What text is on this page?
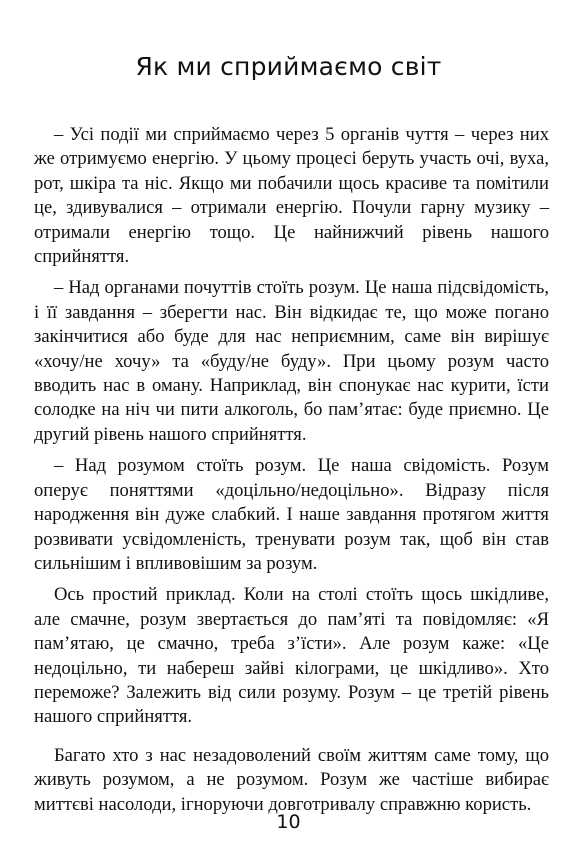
Як ми сприймаємо світ

– Усі події ми сприймаємо через 5 органів чуття – через них же отримуємо енергію. У цьому процесі беруть участь очі, вуха, рот, шкіра та ніс. Якщо ми побачили щось красиве та помітили це, здивувалися – отримали енергію. Почули гарну музику – отримали енергію тощо. Це найнижчий рівень нашого сприйняття.

– Над органами почуттів стоїть розум. Це наша підсвідомість, і її завдання – зберегти нас. Він відкидає те, що може погано закінчитися або буде для нас неприємним, саме він вирішує «хочу/не хочу» та «буду/не буду». При цьому розум часто вводить нас в оману. Наприклад, він спонукає нас курити, їсти солодке на ніч чи пити алкоголь, бо пам’ятає: буде приємно. Це другий рівень нашого сприйняття.

– Над розумом стоїть розум. Це наша свідомість. Розум оперує поняттями «доцільно/недоцільно». Відразу після народження він дуже слабкий. І наше завдання протягом життя розвивати усвідомленість, тренувати розум так, щоб він став сильнішим і впливовішим за розум.

Ось простий приклад. Коли на столі стоїть щось шкідливе, але смачне, розум звертається до пам’яті та повідомляє: «Я пам’ятаю, це смачно, треба з’їсти». Але розум каже: «Це недоцільно, ти набереш зайві кілограми, це шкідливо». Хто переможе? Залежить від сили розуму. Розум – це третій рівень нашого сприйняття.

Багато хто з нас незадоволений своїм життям саме тому, що живуть розумом, а не розумом. Розум же частіше вибирає миттєві насолоди, ігноруючи довготривалу справжню користь.

10
